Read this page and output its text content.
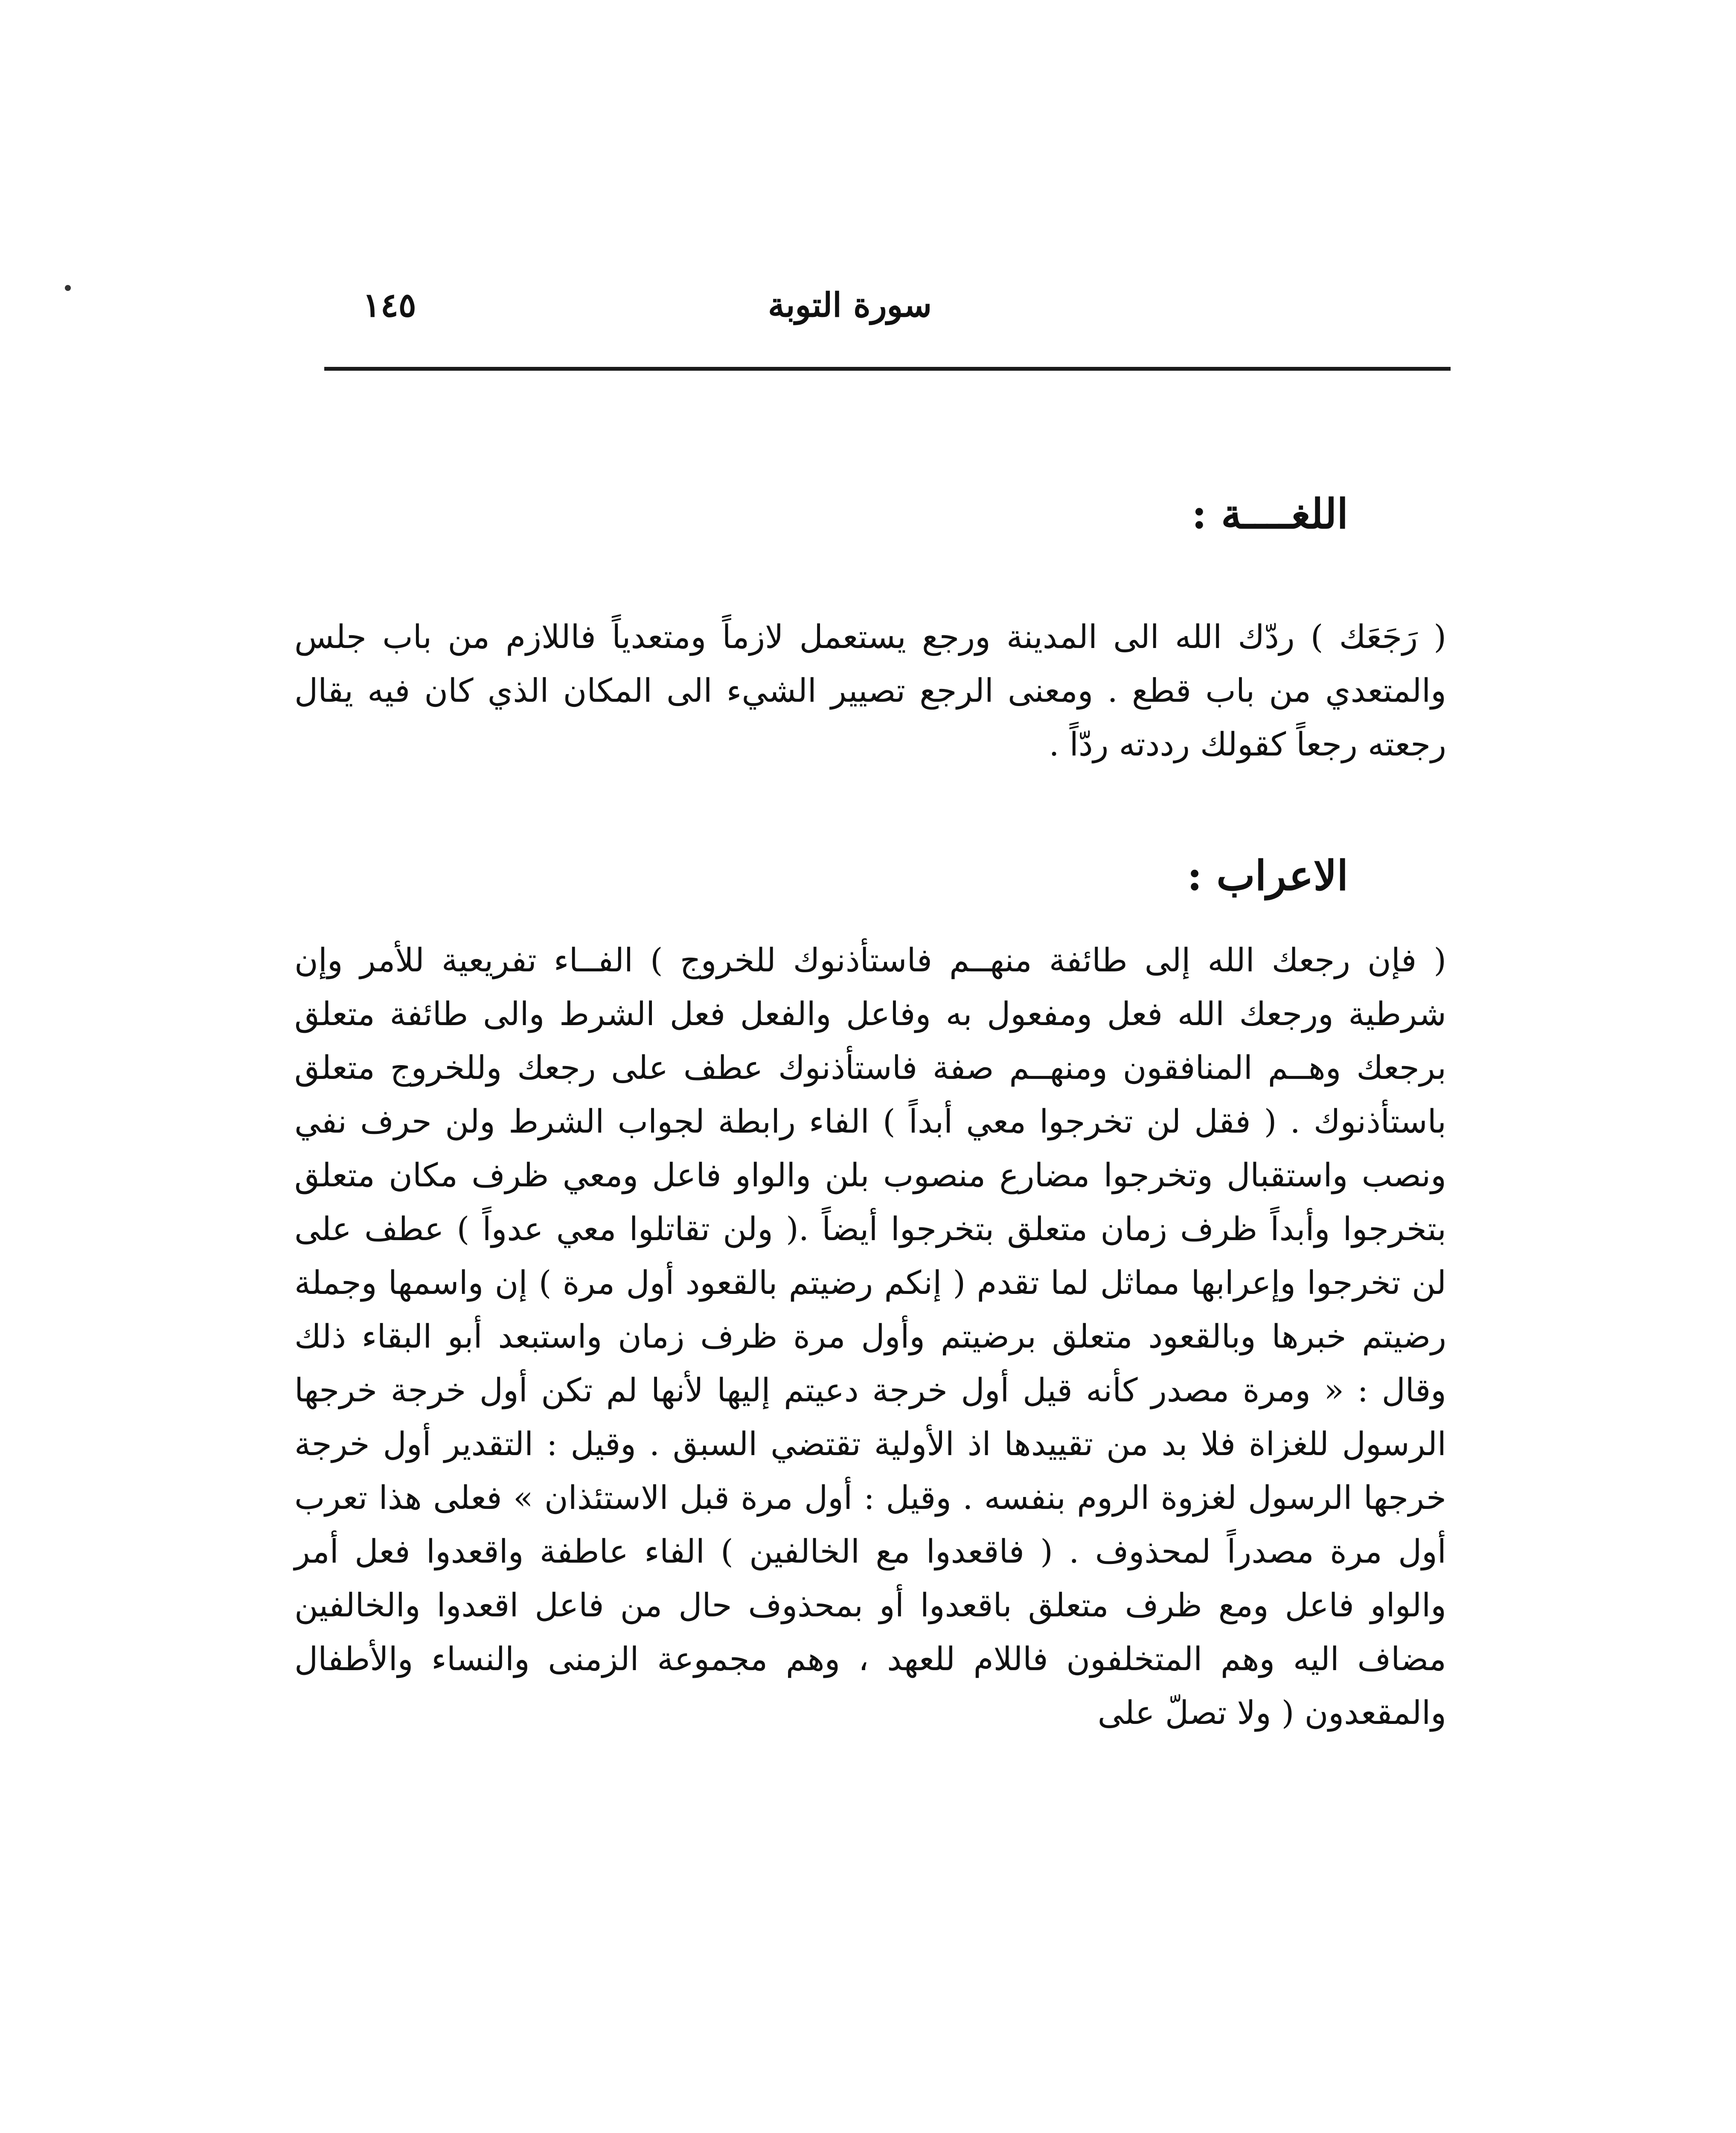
١٤٥	سورة التوبة
اللغــــة :

( رَجَعَك ) ردّك الله الى المدينة ورجع يستعمل لازماً ومتعدياً فاللازم من باب جلس والمتعدي من باب قطع . ومعنى الرجع تصيير الشيء الى المكان الذي كان فيه يقال رجعته رجعاً كقولك رددته ردّاً .

الاعراب :

( فإن رجعك الله إلى طائفة منهــم فاستأذنوك للخروج ) الفــاء تفريعية للأمر وإن شرطية ورجعك الله فعل ومفعول به وفاعل والفعل فعل الشرط والى طائفة متعلق برجعك وهــم المنافقون ومنهــم صفة فاستأذنوك عطف على رجعك وللخروج متعلق باستأذنوك . ( فقل لن تخرجوا معي أبداً ) الفاء رابطة لجواب الشرط ولن حرف نفي ونصب واستقبال وتخرجوا مضارع منصوب بلن والواو فاعل ومعي ظرف مكان متعلق بتخرجوا وأبداً ظرف زمان متعلق بتخرجوا أيضاً .( ولن تقاتلوا معي عدواً ) عطف على لن تخرجوا وإعرابها مماثل لما تقدم ( إنكم رضيتم بالقعود أول مرة ) إن واسمها وجملة رضيتم خبرها وبالقعود متعلق برضيتم وأول مرة ظرف زمان واستبعد أبو البقاء ذلك وقال : « ومرة مصدر كأنه قيل أول خرجة دعيتم إليها لأنها لم تكن أول خرجة خرجها الرسول للغزاة فلا بد من تقييدها اذ الأولية تقتضي السبق . وقيل : التقدير أول خرجة خرجها الرسول لغزوة الروم بنفسه . وقيل : أول مرة قبل الاستئذان » فعلى هذا تعرب أول مرة مصدراً لمحذوف . ( فاقعدوا مع الخالفين ) الفاء عاطفة واقعدوا فعل أمر والواو فاعل ومع ظرف متعلق باقعدوا أو بمحذوف حال من فاعل اقعدوا والخالفين مضاف اليه وهم المتخلفون فاللام للعهد ، وهم مجموعة الزمنى والنساء والأطفال والمقعدون ( ولا تصلّ على
